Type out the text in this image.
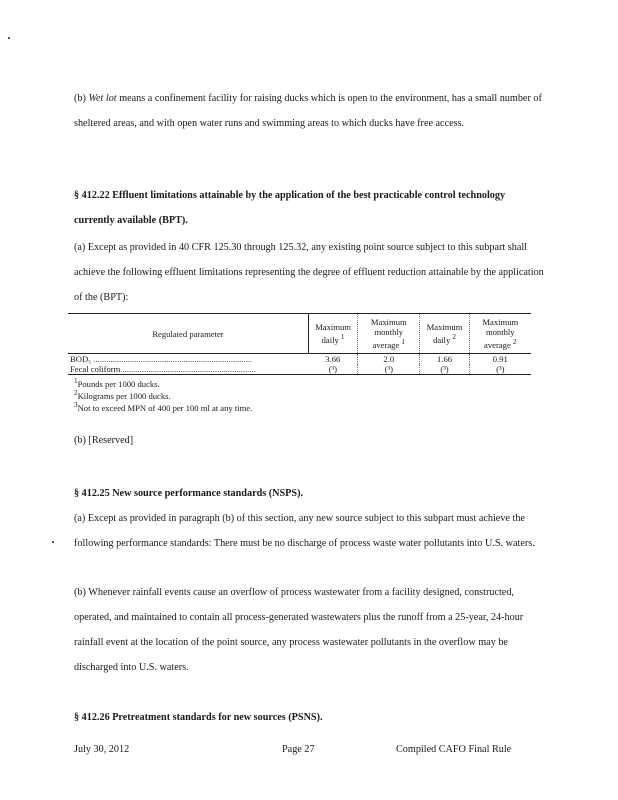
(b) Wet lot means a confinement facility for raising ducks which is open to the environment, has a small number of sheltered areas, and with open water runs and swimming areas to which ducks have free access.

§ 412.22 Effluent limitations attainable by the application of the best practicable control technology currently available (BPT).

(a) Except as provided in 40 CFR 125.30 through 125.32, any existing point source subject to this subpart shall achieve the following effluent limitations representing the degree of effluent reduction attainable by the application of the (BPT):

Regulated parameter	Maximum daily $^1$	Maximum monthly average $^1$	Maximum daily $^2$	Maximum monthly average $^2$
BOD₅ ..........................................................................	3.66	2.0	1.66	0.91
Fecal coliform ..............................................................	(³)	(³)	(³)	(³)

$^1$Pounds per 1000 ducks.

$^2$Kilograms per 1000 ducks.

$^3$Not to exceed MPN of 400 per 100 ml at any time.

(b) [Reserved]

§ 412.25 New source performance standards (NSPS).

(a) Except as provided in paragraph (b) of this section, any new source subject to this subpart must achieve the following performance standards: There must be no discharge of process waste water pollutants into U.S. waters.

(b) Whenever rainfall events cause an overflow of process wastewater from a facility designed, constructed, operated, and maintained to contain all process-generated wastewaters plus the runoff from a 25-year, 24-hour rainfall event at the location of the point source, any process wastewater pollutants in the overflow may be discharged into U.S. waters.

§ 412.26 Pretreatment standards for new sources (PSNS).

July 30, 2012	Page 27	Compiled CAFO Final Rule
